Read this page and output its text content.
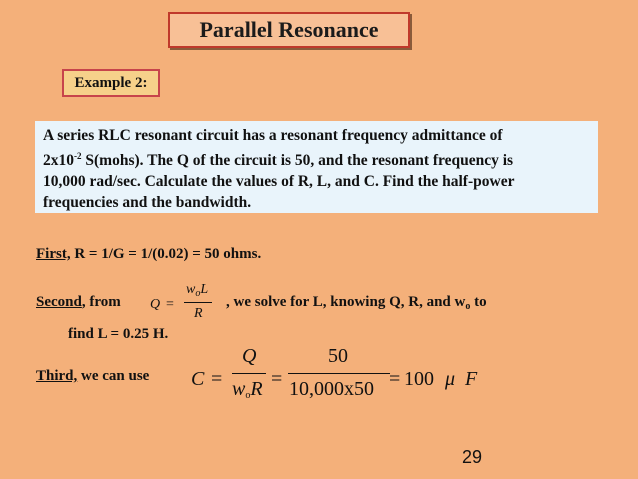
Parallel Resonance
Example 2:
A series RLC resonant circuit has a resonant frequency admittance of
$2x10^{-2}$ S(mohs). The Q of the circuit is 50, and the resonant frequency is
10,000 rad/sec. Calculate the values of R, L, and C. Find the half-power
frequencies and the bandwidth.
First, R = 1/G = 1/(0.02) = 50 ohms.
Second, from Q =
$w_oL$
R
, we solve for L, knowing Q, R, and $w_o$ to
find L = 0.25 H.
Third, we can use C =
Q
$w_oR$ =
50
10,000x50 = 100 μ F
29
